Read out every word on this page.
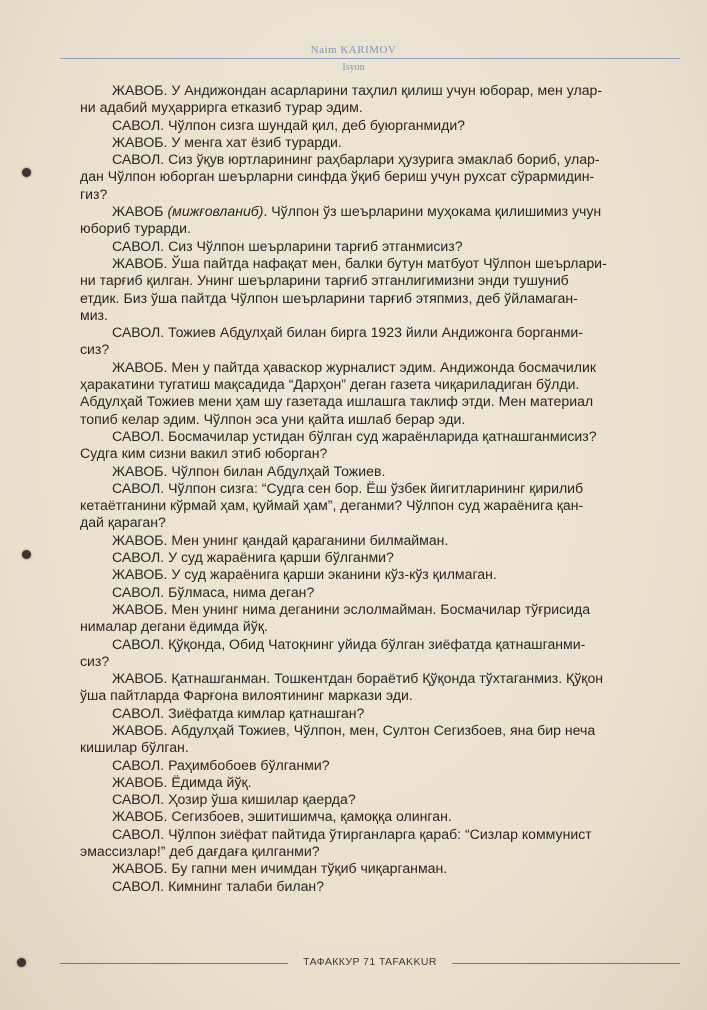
Naim KARIMOV
Isyon

ЖАВОБ. У Андижондан асарларини таҳлил қилиш учун юборар, мен улар-

ни адабий муҳаррирга етказиб турар эдим.

САВОЛ. Чўлпон сизга шундай қил, деб буюрганмиди?

ЖАВОБ. У менга хат ёзиб турарди.

САВОЛ. Сиз ўқув юртларининг раҳбарлари ҳузурига эмаклаб бориб, улар-

дан Чўлпон юборган шеърларни синфда ўқиб бериш учун рухсат сўрармидин-

гиз?

ЖАВОБ (мижғовланиб). Чўлпон ўз шеърларини муҳокама қилишимиз учун

юбориб турарди.

САВОЛ. Сиз Чўлпон шеърларини тарғиб этганмисиз?

ЖАВОБ. Ўша пайтда нафақат мен, балки бутун матбуот Чўлпон шеърлари-

ни тарғиб қилган. Унинг шеърларини тарғиб этганлигимизни энди тушуниб

етдик. Биз ўша пайтда Чўлпон шеърларини тарғиб этяпмиз, деб ўйламаган-

миз.

САВОЛ. Тожиев Абдулҳай билан бирга 1923 йили Андижонга борганми-

сиз?

ЖАВОБ. Мен у пайтда ҳаваскор журналист эдим. Андижонда босмачилик

ҳаракатини тугатиш мақсадида “Дарҳон” деган газета чиқариладиган бўлди.

Абдулҳай Тожиев мени ҳам шу газетада ишлашга таклиф этди. Мен материал

топиб келар эдим. Чўлпон эса уни қайта ишлаб берар эди.

САВОЛ. Босмачилар устидан бўлган суд жараёнларида қатнашганмисиз?

Судга ким сизни вакил этиб юборган?

ЖАВОБ. Чўлпон билан Абдулҳай Тожиев.

САВОЛ. Чўлпон сизга: “Судга сен бор. Ёш ўзбек йигитларининг қирилиб

кетаётганини кўрмай ҳам, қуймай ҳам”, деганми? Чўлпон суд жараёнига қан-

дай қараган?

ЖАВОБ. Мен унинг қандай қараганини билмайман.

САВОЛ. У суд жараёнига қарши бўлганми?

ЖАВОБ. У суд жараёнига қарши эканини кўз-кўз қилмаган.

САВОЛ. Бўлмаса, нима деган?

ЖАВОБ. Мен унинг нима деганини эслолмайман. Босмачилар тўғрисида

нималар дегани ёдимда йўқ.

САВОЛ. Қўқонда, Обид Чатоқнинг уйида бўлган зиёфатда қатнашганми-

сиз?

ЖАВОБ. Қатнашганман. Тошкентдан бораётиб Қўқонда тўхтаганмиз. Қўқон

ўша пайтларда Фарғона вилоятининг маркази эди.

САВОЛ. Зиёфатда кимлар қатнашган?

ЖАВОБ. Абдулҳай Тожиев, Чўлпон, мен, Султон Сегизбоев, яна бир неча

кишилар бўлган.

САВОЛ. Раҳимбобоев бўлганми?

ЖАВОБ. Ёдимда йўқ.

САВОЛ. Ҳозир ўша кишилар қаерда?

ЖАВОБ. Сегизбоев, эшитишимча, қамоққа олинган.

САВОЛ. Чўлпон зиёфат пайтида ўтирганларга қараб: “Сизлар коммунист

эмассизлар!” деб дағдаға қилганми?

ЖАВОБ. Бу гапни мен ичимдан тўқиб чиқарганман.

САВОЛ. Кимнинг талаби билан?

ТАФАККУР 71 TAFAKKUR
